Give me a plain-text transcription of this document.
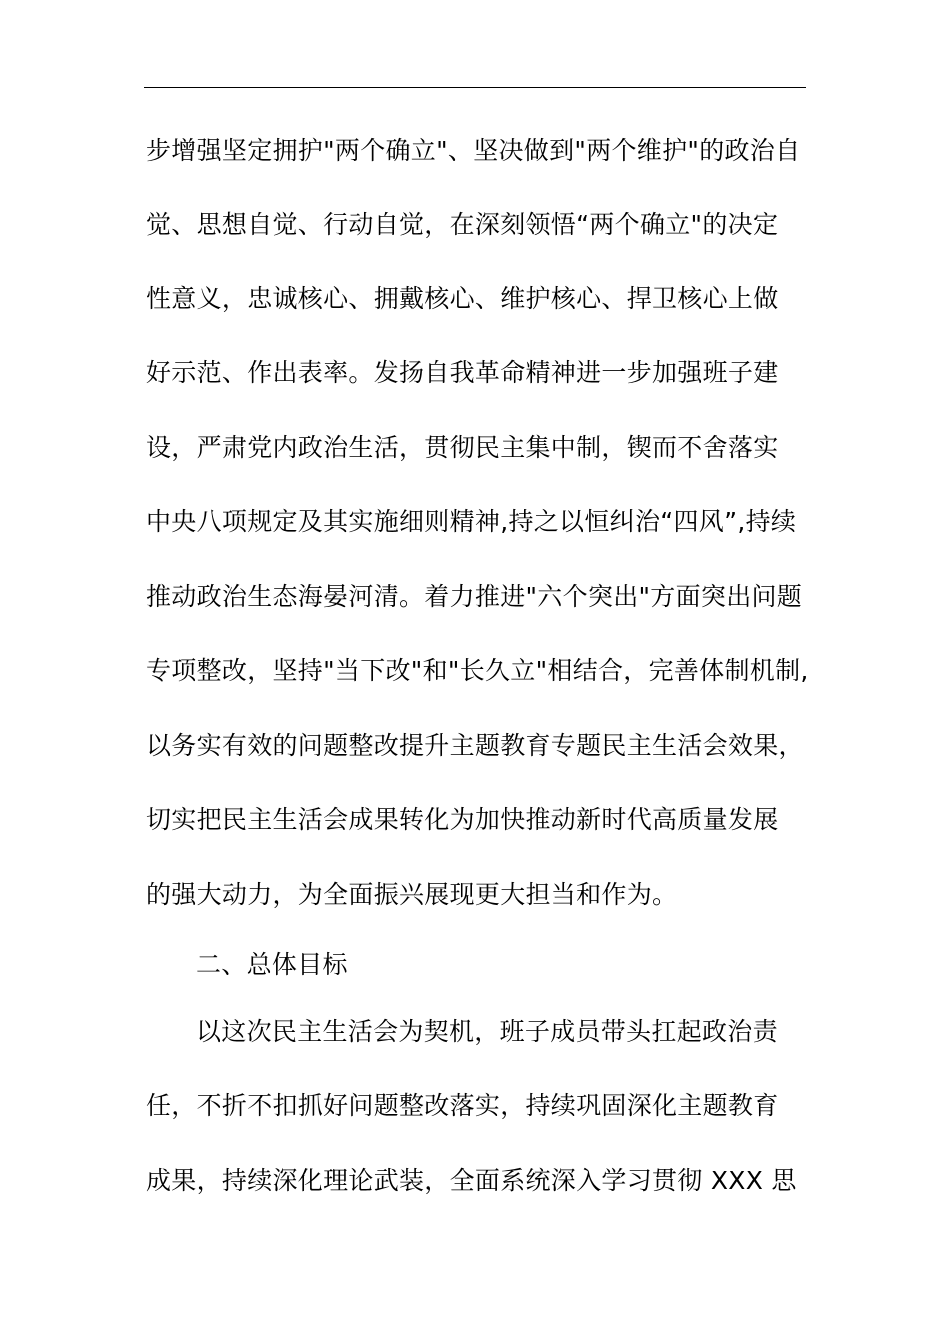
步增强坚定拥护"两个确立"、坚决做到"两个维护"的政治自
觉、思想自觉、行动自觉，在深刻领悟“两个确立"的决定
性意义，忠诚核心、拥戴核心、维护核心、捍卫核心上做
好示范、作出表率。发扬自我革命精神进一步加强班子建
设，严肃党内政治生活，贯彻民主集中制，锲而不舍落实
中央八项规定及其实施细则精神,持之以恒纠治“四风”,持续
推动政治生态海晏河清。着力推进"六个突出"方面突出问题
专项整改，坚持"当下改"和"长久立"相结合，完善体制机制,
以务实有效的问题整改提升主题教育专题民主生活会效果，
切实把民主生活会成果转化为加快推动新时代高质量发展
的强大动力，为全面振兴展现更大担当和作为。
二、总体目标
以这次民主生活会为契机，班子成员带头扛起政治责
任，不折不扣抓好问题整改落实，持续巩固深化主题教育
成果，持续深化理论武装，全面系统深入学习贯彻 XXX 思
